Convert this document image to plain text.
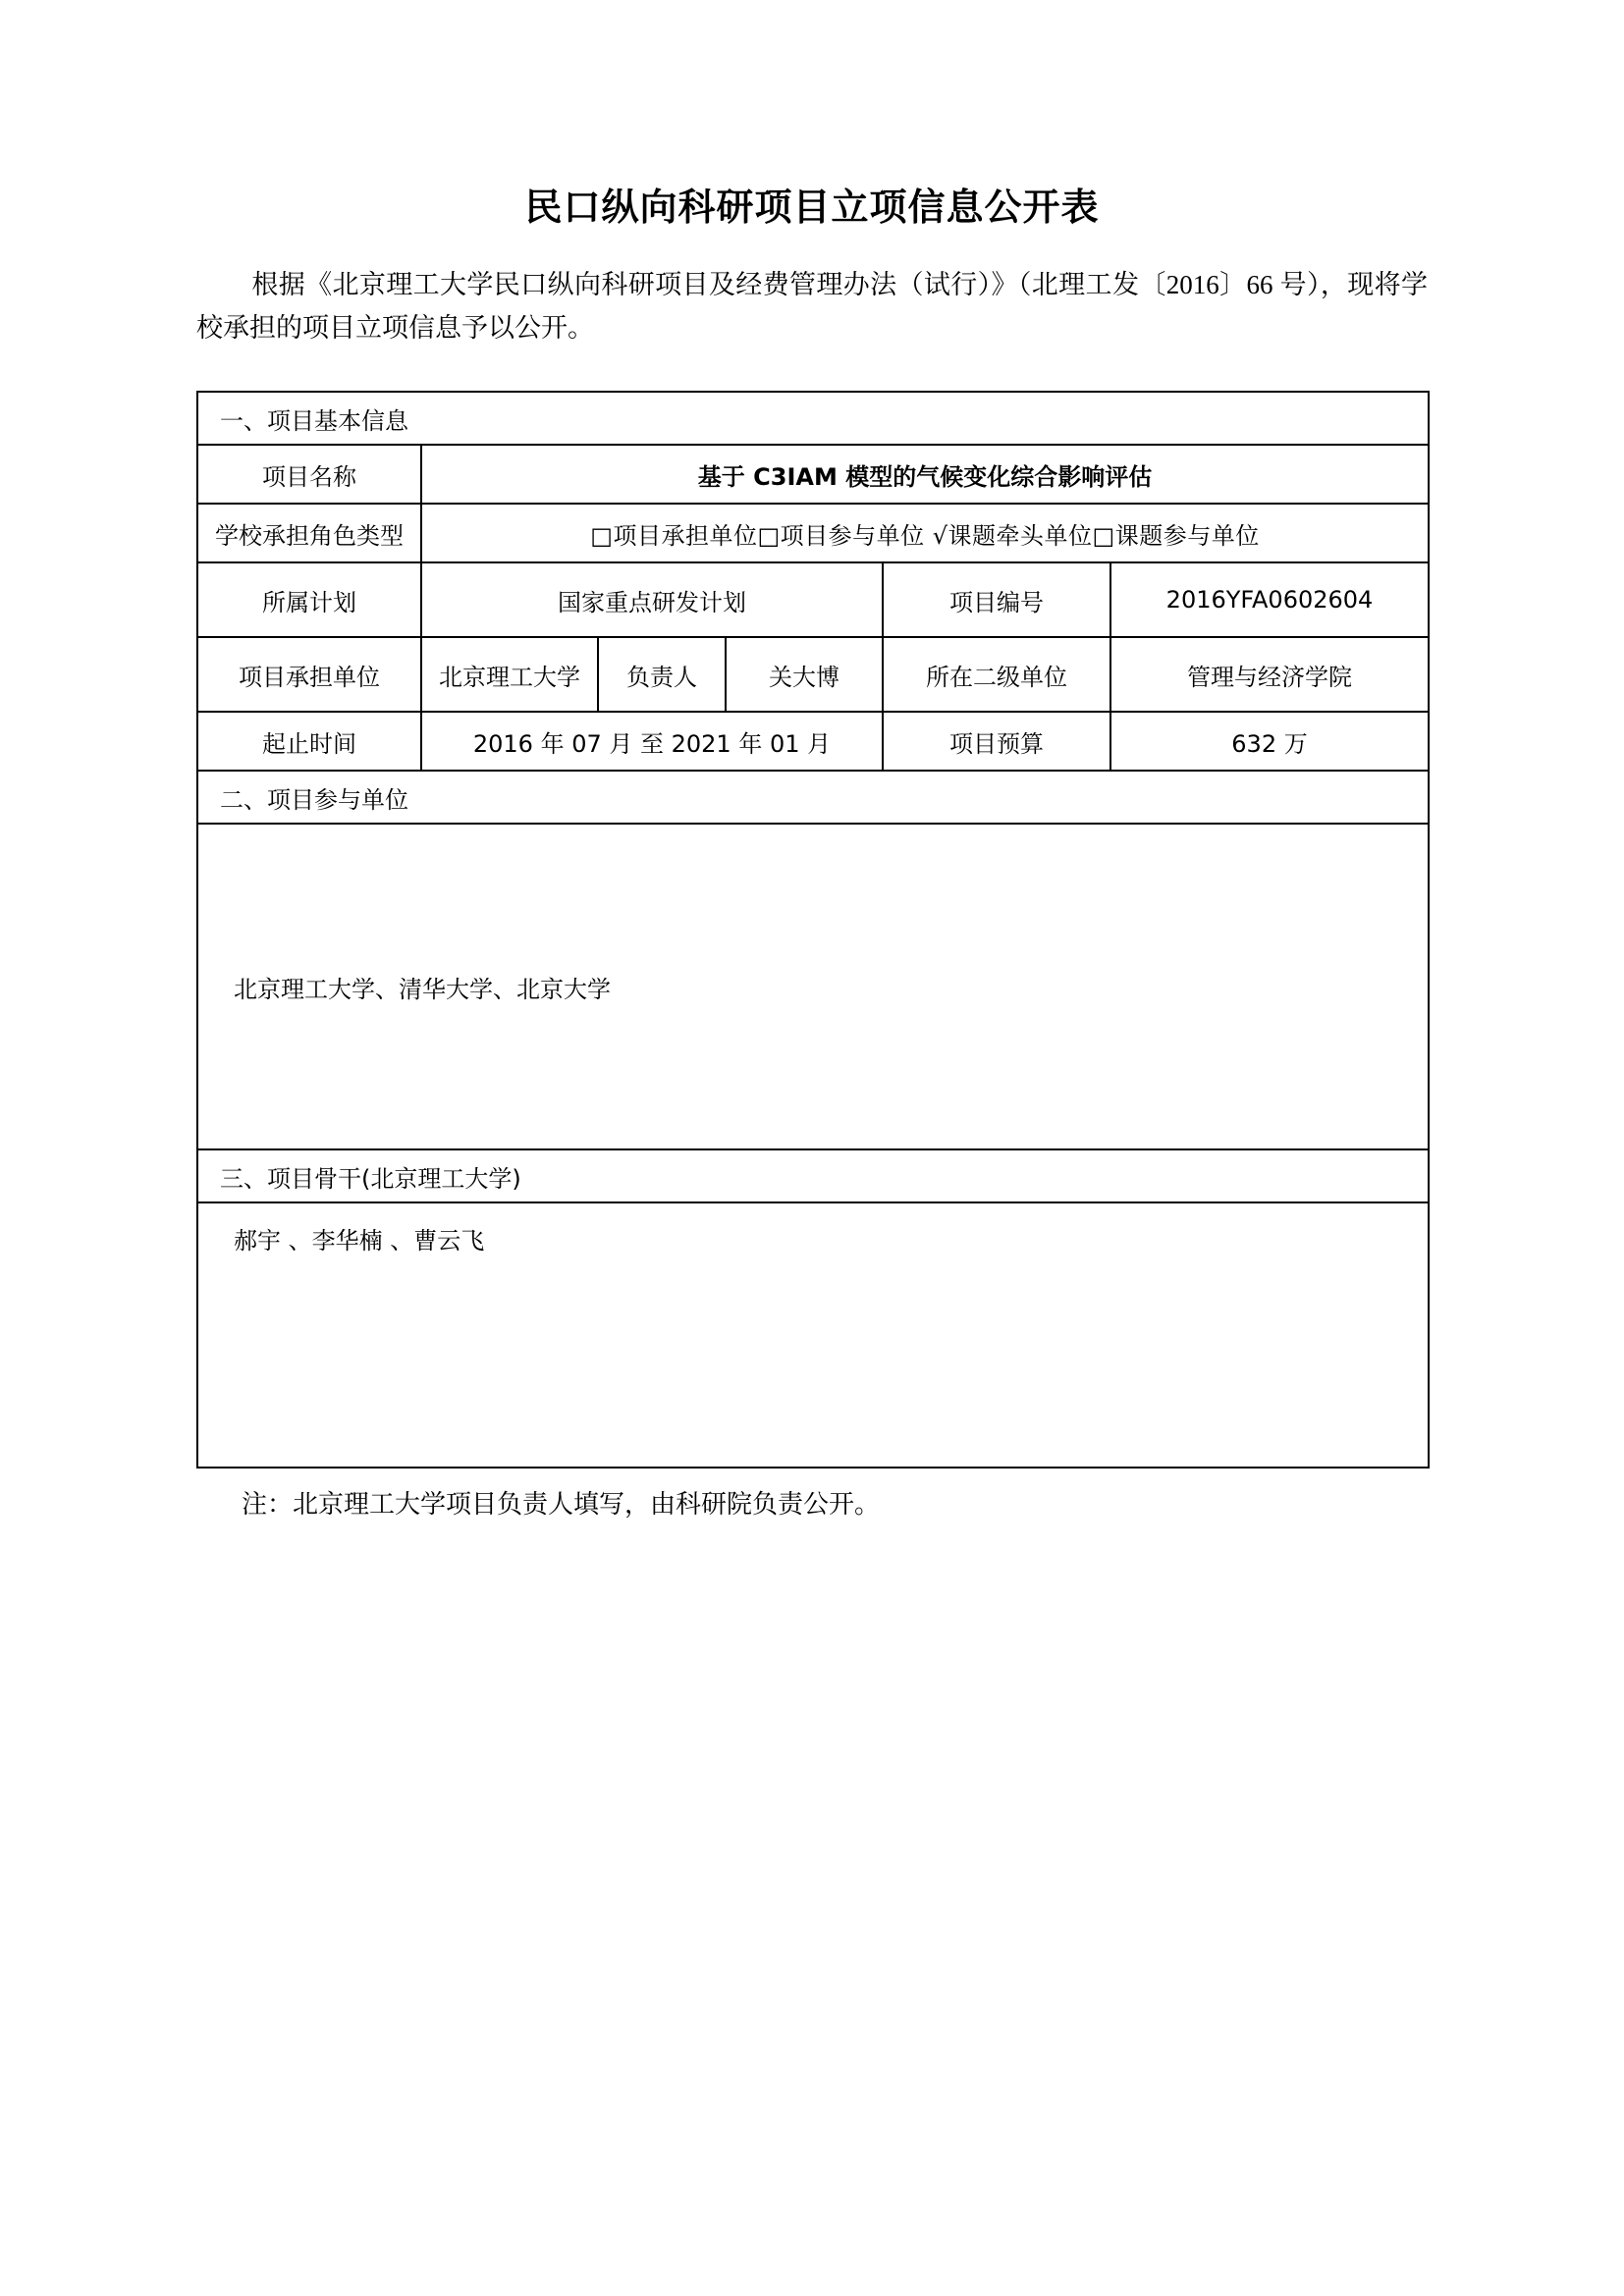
民口纵向科研项目立项信息公开表

根据《北京理工大学民口纵向科研项目及经费管理办法（试行）》（北理工发〔2016〕66 号），现将学校承担的项目立项信息予以公开。

一、项目基本信息					
项目名称	基于 C3IAM 模型的气候变化综合影响评估				
学校承担角色类型	□项目承担单位□项目参与单位 √课题牵头单位□课题参与单位				
所属计划	国家重点研发计划			项目编号	2016YFA0602604
项目承担单位	北京理工大学	负责人	关大博	所在二级单位	管理与经济学院
起止时间	2016 年 07 月 至 2021 年 01 月			项目预算	632 万
二、项目参与单位					
北京理工大学、清华大学、北京大学					
三、项目骨干(北京理工大学)					
郝宇 、李华楠 、曹云飞					
注：北京理工大学项目负责人填写，由科研院负责公开。
